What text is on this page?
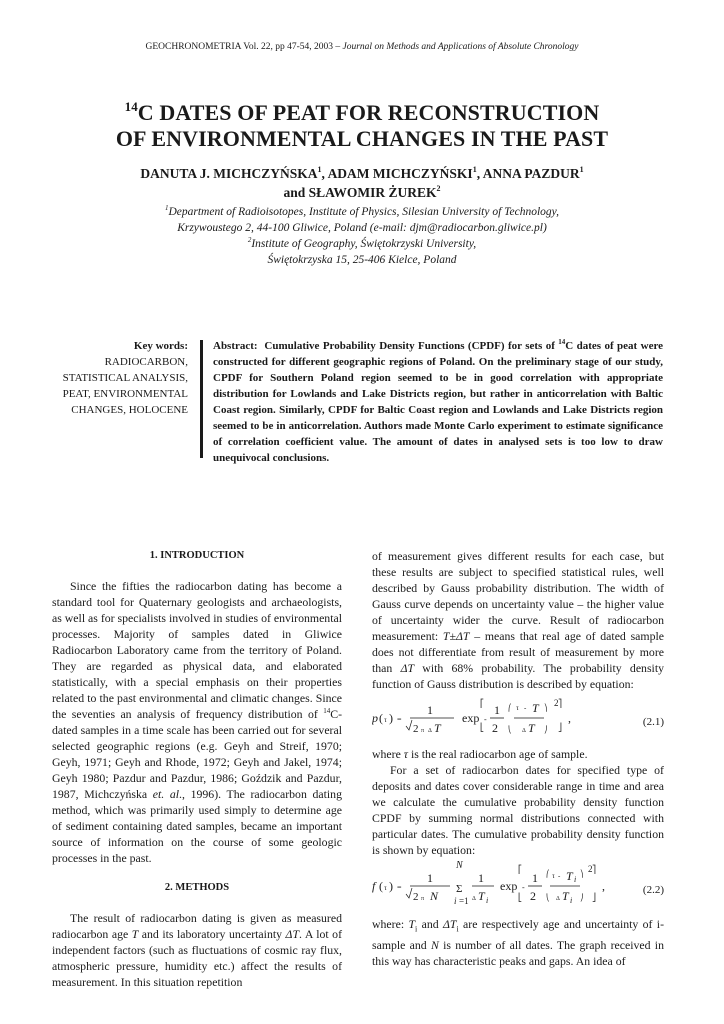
GEOCHRONOMETRIA Vol. 22, pp 47-54, 2003 – Journal on Methods and Applications of Absolute Chronology
$^{14}$C DATES OF PEAT FOR RECONSTRUCTION
OF ENVIRONMENTAL CHANGES IN THE PAST
DANUTA J. MICHCZYŃSKA$^1$, ADAM MICHCZYŃSKI$^1$, ANNA PAZDUR$^1$
and SŁAWOMIR ŻUREK$^2$
$^1$Department of Radioisotopes, Institute of Physics, Silesian University of Technology,
Krzywoustego 2, 44-100 Gliwice, Poland (e-mail: djm@radiocarbon.gliwice.pl)
$^2$Institute of Geography, Świętokrzyski University,
Świętokrzyska 15, 25-406 Kielce, Poland
Key words:
RADIOCARBON,
STATISTICAL ANALYSIS,
PEAT, ENVIRONMENTAL
CHANGES, HOLOCENE
Abstract: Cumulative Probability Density Functions (CPDF) for sets of $^{14}$C dates of peat were constructed for different geographic regions of Poland. On the preliminary stage of our study, CPDF for Southern Poland region seemed to be in good correlation with appropriate distribution for Lowlands and Lake Districts region, but rather in anticorrelation with Baltic Coast region. Similarly, CPDF for Baltic Coast region and Lowlands and Lake Districts region seemed to be in anticorrelation. Authors made Monte Carlo experiment to estimate significance of correlation coefficient value. The amount of dates in analysed sets is too low to draw unequivocal conclusions.
1. INTRODUCTION

Since the fifties the radiocarbon dating has become a standard tool for Quaternary geologists and archaeologists, as well as for specialists involved in studies of environmental processes. Majority of samples dated in Gliwice Radiocarbon Laboratory came from the territory of Poland. They are regarded as physical data, and elaborated statistically, with a special emphasis on their properties related to the past environmental and climatic changes. Since the seventies an analysis of frequency distribution of $^{14}$C-dated samples in a time scale has been carried out for several selected geographic regions (e.g. Geyh and Streif, 1970; Geyh, 1971; Geyh and Rhode, 1972; Geyh and Jakel, 1974; Geyh 1980; Pazdur and Pazdur, 1986; Goździk and Pazdur, 1987, Michczyńska et. al., 1996). The radiocarbon dating method, which was primarily used simply to determine age of sediment containing dated samples, became an important source of information on the course of some geologic processes in the past.

2. METHODS

The result of radiocarbon dating is given as measured radiocarbon age T and its laboratory uncertainty ΔT. A lot of independent factors (such as fluctuations of cosmic ray flux, atmospheric pressure, humidity etc.) affect the results of measurement. In this situation repetition

of measurement gives different results for each case, but these results are subject to specified statistical rules, well described by Gauss probability distribution. The width of Gauss curve depends on uncertainty value – the higher value of uncertainty wider the curve. Result of radiocarbon measurement: T±ΔT – means that real age of dated sample does not differentiate from result of measurement by more than ΔT with 68% probability. The probability density function of Gauss distribution is described by equation:

p ( τ ) =
1
2 π Δ T
exp
⎡
⎣
1
2
-
⎛
⎝
τ - T
Δ T
⎞
⎠
2 ⎤
⎦
,	(2.1)

where τ is the real radiocarbon age of sample.

For a set of radiocarbon dates for specified type of deposits and dates cover considerable range in time and area we calculate the cumulative probability density function CPDF by summing normal distributions connected with particular dates. The cumulative probability density function is shown by equation:

f ( τ ) =
1
2 π N
N
Σ
i =1
1
Δ T i
exp
⎡
⎣
-
1
2
⎛
⎝
τ - T i
Δ T i
⎞
⎠
2 ⎤
⎦
,	(2.2)

where: $T_i$ and $\Delta T_i$ are respectively age and uncertainty of i-sample and N is number of all dates. The graph received in this way has characteristic peaks and gaps. An idea of
